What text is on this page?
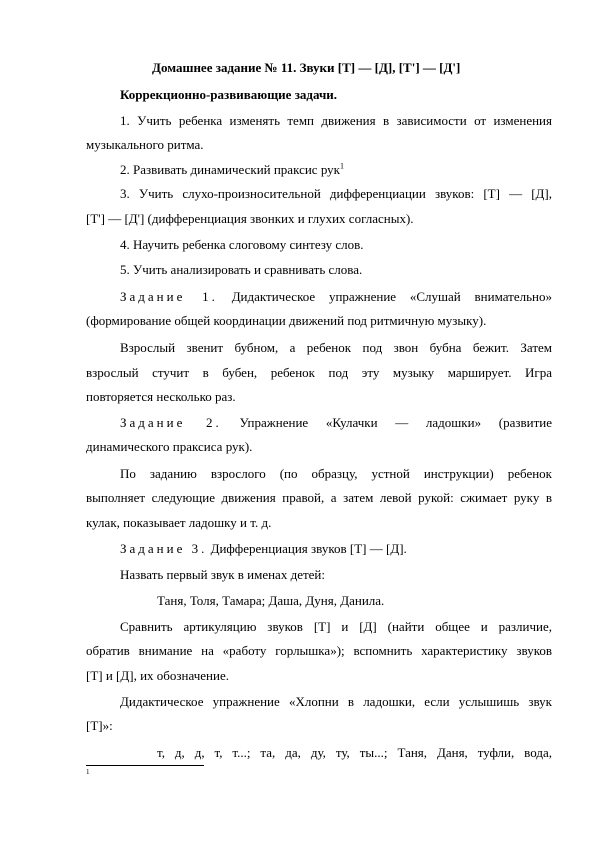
Домашнее задание № 11. Звуки [Т] — [Д], [Т'] — [Д']
Коррекционно-развивающие задачи.
1. Учить ребенка изменять темп движения в зависимости от изменения
музыкального ритма.
2. Развивать динамический праксис рук$^1$
3. Учить слухо-произносительной дифференциации звуков: [Т] — [Д],
[Т'] — [Д'] (дифференциация звонких и глухих согласных).
4. Научить ребенка слоговому синтезу слов.
5. Учить анализировать и сравнивать слова.
Задание 1. Дидактическое упражнение «Слушай внимательно»
(формирование общей координации движений под ритмичную музыку).
Взрослый звенит бубном, а ребенок под звон бубна бежит. Затем
взрослый стучит в бубен, ребенок под эту музыку марширует. Игра
повторяется несколько раз.
Задание 2. Упражнение «Кулачки — ладошки» (развитие
динамического праксиса рук).
По заданию взрослого (по образцу, устной инструкции) ребенок
выполняет следующие движения правой, а затем левой рукой: сжимает руку в
кулак, показывает ладошку и т. д.
Задание 3. Дифференциация звуков [Т] — [Д].
Назвать первый звук в именах детей:
Таня, Толя, Тамара; Даша, Дуня, Данила.
Сравнить артикуляцию звуков [Т] и [Д] (найти общее и различие,
обратив внимание на «работу горлышка»); вспомнить характеристику звуков
[Т] и [Д], их обозначение.
Дидактическое упражнение «Хлопни в ладошки, если услышишь звук
[Т]»:
т, д, д, т, т...; та, да, ду, ту, ты...; Таня, Даня, туфли, вода,
1
